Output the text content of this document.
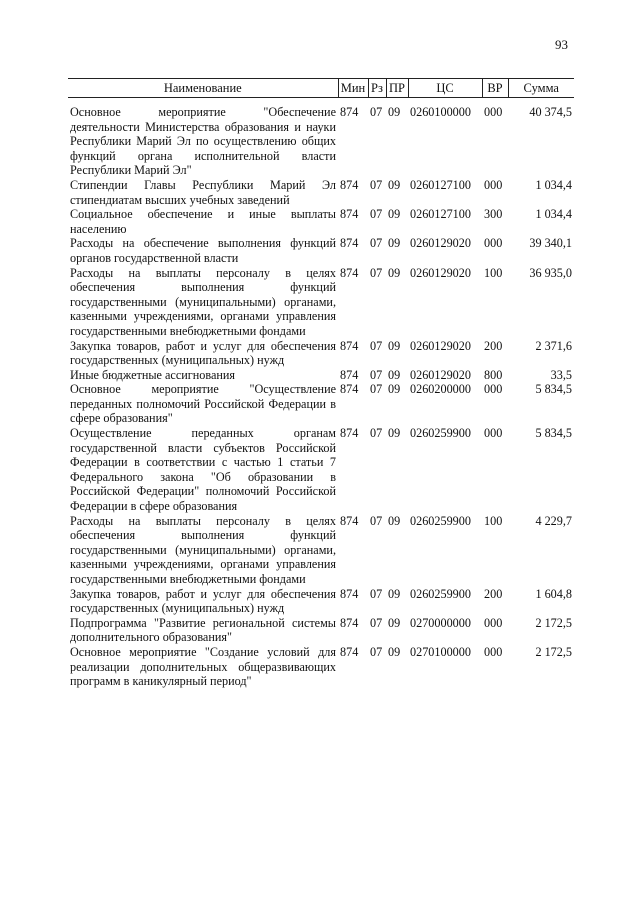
93
Наименование	Мин	Рз	ПР	ЦС	ВР	Сумма
Основное мероприятие "Обеспечение деятельности Министерства образования и науки Республики Марий Эл по осуществлению общих функций органа исполнительной власти Республики Марий Эл"	874	07	09	0260100000	000	40 374,5
Стипендии Главы Республики Марий Эл стипендиатам высших учебных заведений	874	07	09	0260127100	000	1 034,4
Социальное обеспечение и иные выплаты населению	874	07	09	0260127100	300	1 034,4
Расходы на обеспечение выполнения функций органов государственной власти	874	07	09	0260129020	000	39 340,1
Расходы на выплаты персоналу в целях обеспечения выполнения функций государственными (муниципальными) органами, казенными учреждениями, органами управления государственными внебюджетными фондами	874	07	09	0260129020	100	36 935,0
Закупка товаров, работ и услуг для обеспечения государственных (муниципальных) нужд	874	07	09	0260129020	200	2 371,6
Иные бюджетные ассигнования	874	07	09	0260129020	800	33,5
Основное мероприятие "Осуществление переданных полномочий Российской Федерации в сфере образования"	874	07	09	0260200000	000	5 834,5
Осуществление переданных органам государственной власти субъектов Российской Федерации в соответствии с частью 1 статьи 7 Федерального закона "Об образовании в Российской Федерации" полномочий Российской Федерации в сфере образования	874	07	09	0260259900	000	5 834,5
Расходы на выплаты персоналу в целях обеспечения выполнения функций государственными (муниципальными) органами, казенными учреждениями, органами управления государственными внебюджетными фондами	874	07	09	0260259900	100	4 229,7
Закупка товаров, работ и услуг для обеспечения государственных (муниципальных) нужд	874	07	09	0260259900	200	1 604,8
Подпрограмма "Развитие региональной системы дополнительного образования"	874	07	09	0270000000	000	2 172,5
Основное мероприятие "Создание условий для реализации дополнительных общеразвивающих программ в каникулярный период"	874	07	09	0270100000	000	2 172,5
